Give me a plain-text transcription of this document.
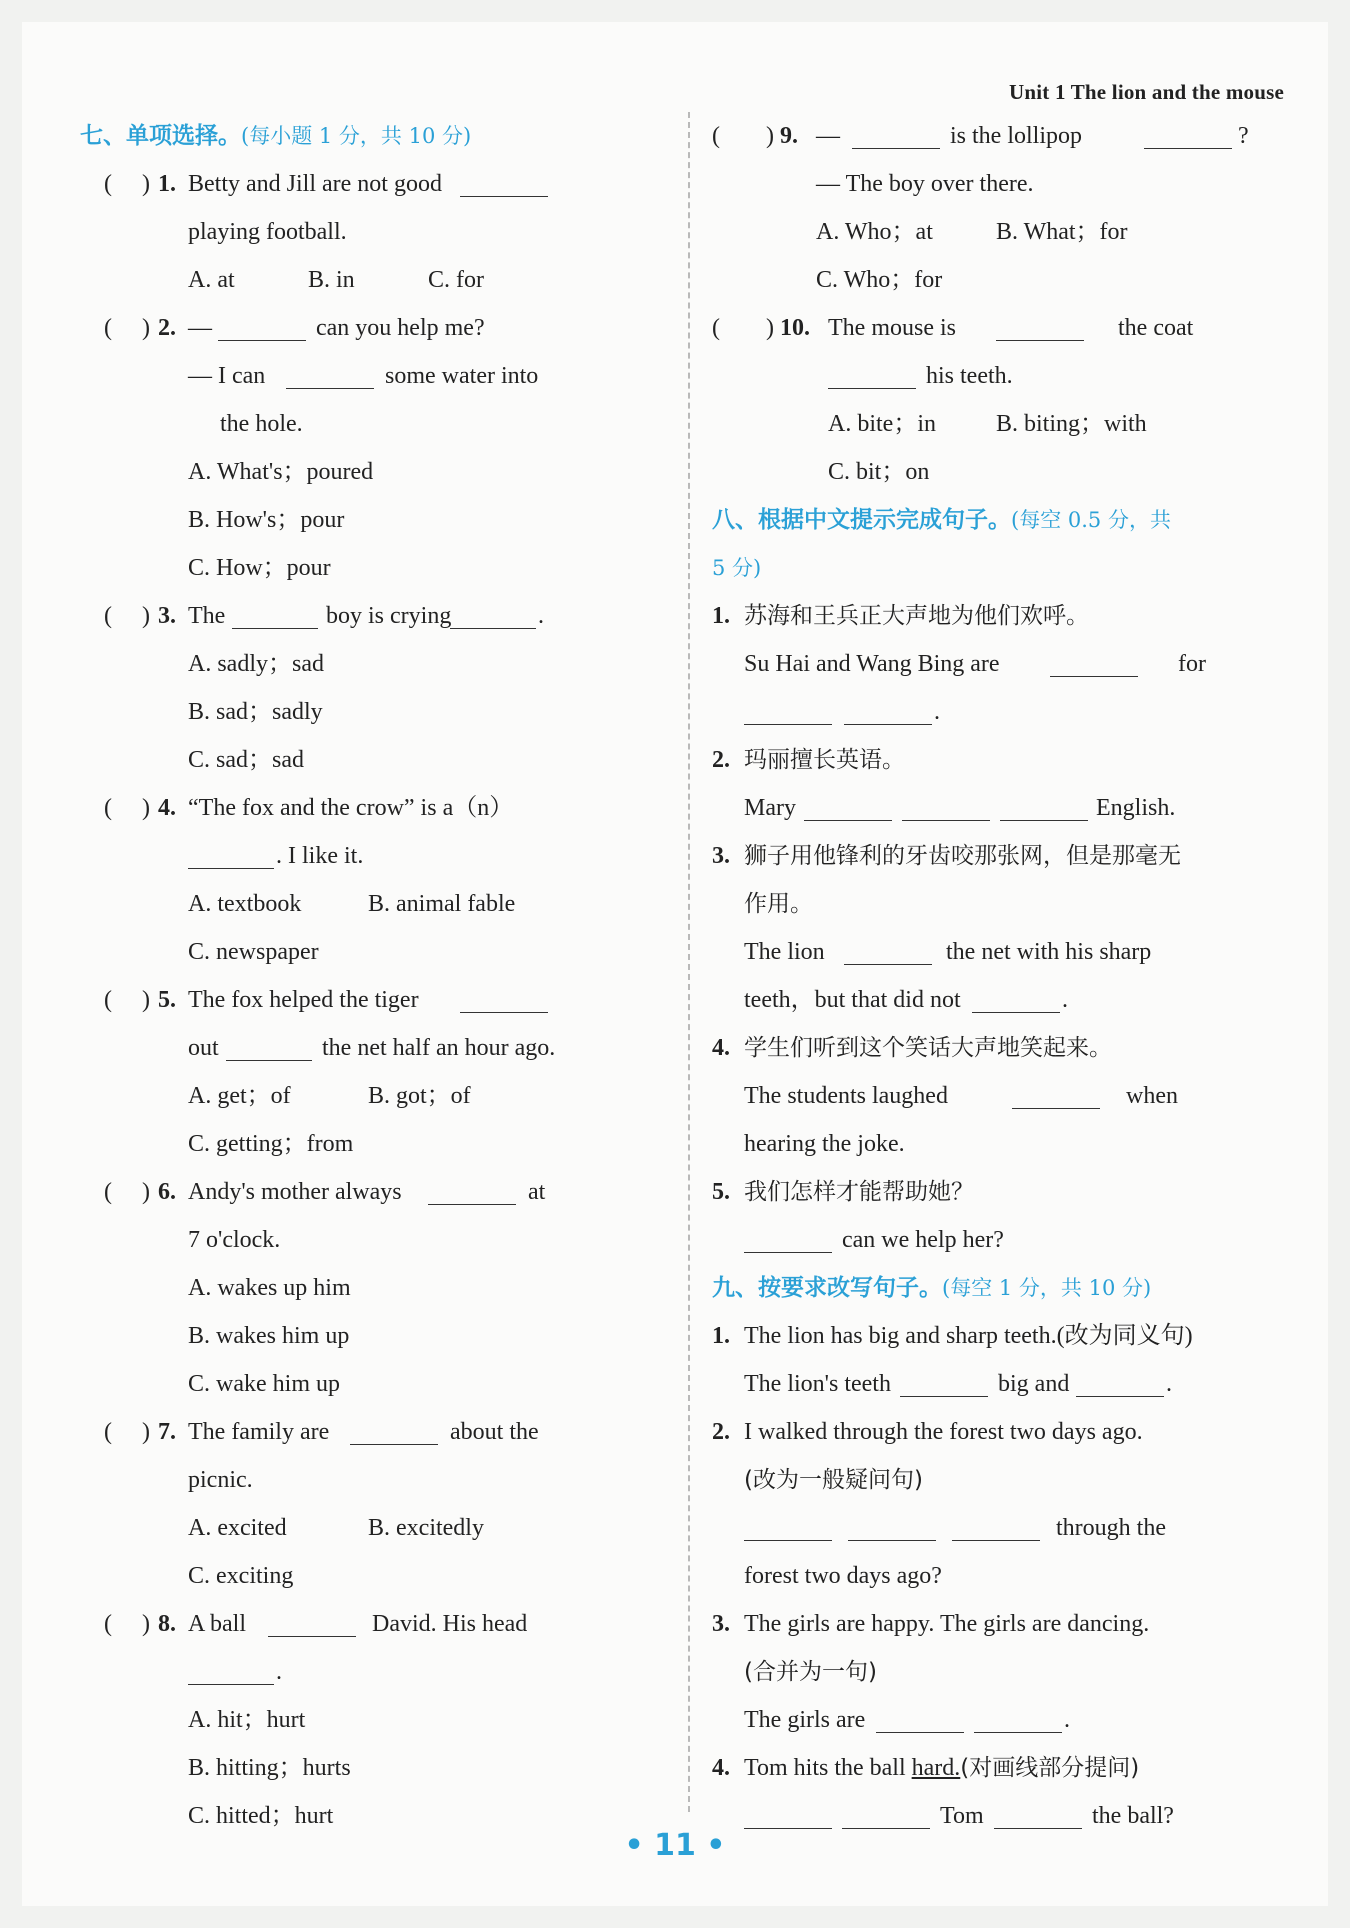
Unit 1 The lion and the mouse
七、单项选择。(每小题 1 分，共 10 分)
( ) 1. Betty and Jill are not good
playing football.
A. at	B. in	C. for
( ) 2. —	can you help me?
— I can	some water into
the hole.
A. What's；poured
B. How's；pour
C. How；pour
( ) 3. The	boy is crying	.
A. sadly；sad
B. sad；sadly
C. sad；sad
( ) 4. “The fox and the crow” is a（n）
. I like it.
A. textbook	B. animal fable
C. newspaper
( ) 5. The fox helped the tiger
out	the net half an hour ago.
A. get；of	B. got；of
C. getting；from
( ) 6. Andy's mother always	at
7 o'clock.
A. wakes up him
B. wakes him up
C. wake him up
( ) 7. The family are	about the
picnic.
A. excited	B. excitedly
C. exciting
( ) 8. A ball	David. His head
.
A. hit；hurt
B. hitting；hurts
C. hitted；hurt
( ) 9. —	is the lollipop	?
— The boy over there.
A. Who；at	B. What；for
C. Who；for
( ) 10. The mouse is	the coat
his teeth.
A. bite；in	B. biting；with
C. bit；on
八、根据中文提示完成句子。(每空 0.5 分，共
5 分)
1. 苏海和王兵正大声地为他们欢呼。
Su Hai and Wang Bing are	for
.
2. 玛丽擅长英语。
Mary	English.
3. 狮子用他锋利的牙齿咬那张网，但是那毫无
作用。
The lion	the net with his sharp
teeth，but that did not	.
4. 学生们听到这个笑话大声地笑起来。
The students laughed	when
hearing the joke.
5. 我们怎样才能帮助她？
can we help her?
九、按要求改写句子。(每空 1 分，共 10 分)
1. The lion has big and sharp teeth.(改为同义句)
The lion's teeth	big and	.
2. I walked through the forest two days ago.
(改为一般疑问句)
through the
forest two days ago?
3. The girls are happy. The girls are dancing.
(合并为一句)
The girls are	.
4. Tom hits the ball hard.(对画线部分提问)
Tom	the ball?
• 11 •
